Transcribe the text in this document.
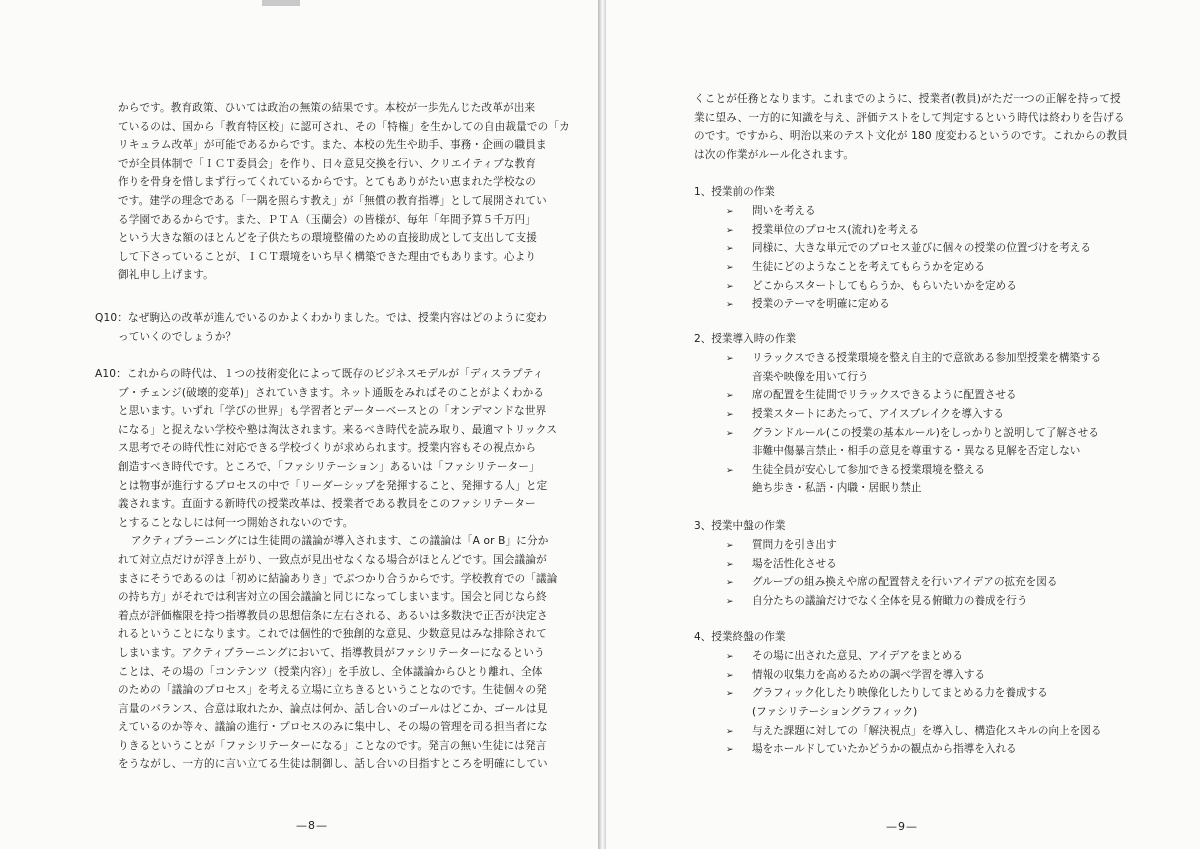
からです。教育政策、ひいては政治の無策の結果です。本校が一歩先んじた改革が出来
ているのは、国から「教育特区校」に認可され、その「特権」を生かしての自由裁量での「カ
リキュラム改革」が可能であるからです。また、本校の先生や助手、事務・企画の職員ま
でが全員体制で「ＩＣＴ委員会」を作り、日々意見交換を行い、クリエイティブな教育
作りを骨身を惜しまず行ってくれているからです。とてもありがたい恵まれた学校なの
です。建学の理念である「一隅を照らす教え」が「無償の教育指導」として展開されてい
る学園であるからです。また、ＰＴＡ（玉蘭会）の皆様が、毎年「年間予算５千万円」
という大きな額のほとんどを子供たちの環境整備のための直接助成として支出して支援
して下さっていることが、ＩＣＴ環境をいち早く構築できた理由でもあります。心より
御礼申し上げます。
Q10：なぜ駒込の改革が進んでいるのかよくわかりました。では、授業内容はどのように変わ
っていくのでしょうか？
A10：これからの時代は、１つの技術変化によって既存のビジネスモデルが「ディスラプティ
ブ・チェンジ(破壊的変革)」されていきます。ネット通販をみればそのことがよくわかる
と思います。いずれ「学びの世界」も学習者とデーターベースとの「オンデマンドな世界
になる」と捉えない学校や塾は淘汰されます。来るべき時代を読み取り、最適マトリックス
ス思考でその時代性に対応できる学校づくりが求められます。授業内容もその視点から
創造すべき時代です。ところで、「ファシリテーション」あるいは「ファシリテーター」
とは物事が進行するプロセスの中で「リーダーシップを発揮すること、発揮する人」と定
義されます。直面する新時代の授業改革は、授業者である教員をこのファシリテーター
とすることなしには何一つ開始されないのです。
アクティブラーニングには生徒間の議論が導入されます、この議論は「A or B」に分か
れて対立点だけが浮き上がり、一致点が見出せなくなる場合がほとんどです。国会議論が
まさにそうであるのは「初めに結論ありき」でぶつかり合うからです。学校教育での「議論
の持ち方」がそれでは利害対立の国会議論と同じになってしまいます。国会と同じなら終
着点が評価権限を持つ指導教員の思想信条に左右される、あるいは多数決で正否が決定さ
れるということになります。これでは個性的で独創的な意見、少数意見はみな排除されて
しまいます。アクティブラーニングにおいて、指導教員がファシリテーターになるという
ことは、その場の「コンテンツ（授業内容）」を手放し、全体議論からひとり離れ、全体
のための「議論のプロセス」を考える立場に立ちきるということなのです。生徒個々の発
言量のバランス、合意は取れたか、論点は何か、話し合いのゴールはどこか、ゴールは見
えているのか等々、議論の進行・プロセスのみに集中し、その場の管理を司る担当者にな
りきるということが「ファシリテーターになる」ことなのです。発言の無い生徒には発言
をうながし、一方的に言い立てる生徒は制御し、話し合いの目指すところを明確にしてい
—8—
くことが任務となります。これまでのように、授業者(教員)がただ一つの正解を持って授
業に望み、一方的に知識を与え、評価テストをして判定するという時代は終わりを告げる
のです。ですから、明治以来のテスト文化が 180 度変わるというのです。これからの教員
は次の作業がルール化されます。
1、授業前の作業
➢ 問いを考える
➢ 授業単位のプロセス(流れ)を考える
➢ 同様に、大きな単元でのプロセス並びに個々の授業の位置づけを考える
➢ 生徒にどのようなことを考えてもらうかを定める
➢ どこからスタートしてもらうか、もらいたいかを定める
➢ 授業のテーマを明確に定める
2、授業導入時の作業
➢ リラックスできる授業環境を整え自主的で意欲ある参加型授業を構築する
音楽や映像を用いて行う
➢ 席の配置を生徒間でリラックスできるように配置させる
➢ 授業スタートにあたって、アイスブレイクを導入する
➢ グランドルール(この授業の基本ルール)をしっかりと説明して了解させる
非難中傷暴言禁止・相手の意見を尊重する・異なる見解を否定しない
➢ 生徒全員が安心して参加できる授業環境を整える
絶ち歩き・私語・内職・居眠り禁止
3、授業中盤の作業
➢ 質問力を引き出す
➢ 場を活性化させる
➢ グループの組み換えや席の配置替えを行いアイデアの拡充を図る
➢ 自分たちの議論だけでなく全体を見る俯瞰力の養成を行う
4、授業終盤の作業
➢ その場に出された意見、アイデアをまとめる
➢ 情報の収集力を高めるための調べ学習を導入する
➢ グラフィック化したり映像化したりしてまとめる力を養成する
(ファシリテーショングラフィック)
➢ 与えた課題に対しての「解決視点」を導入し、構造化スキルの向上を図る
➢ 場をホールドしていたかどうかの観点から指導を入れる
—9—
